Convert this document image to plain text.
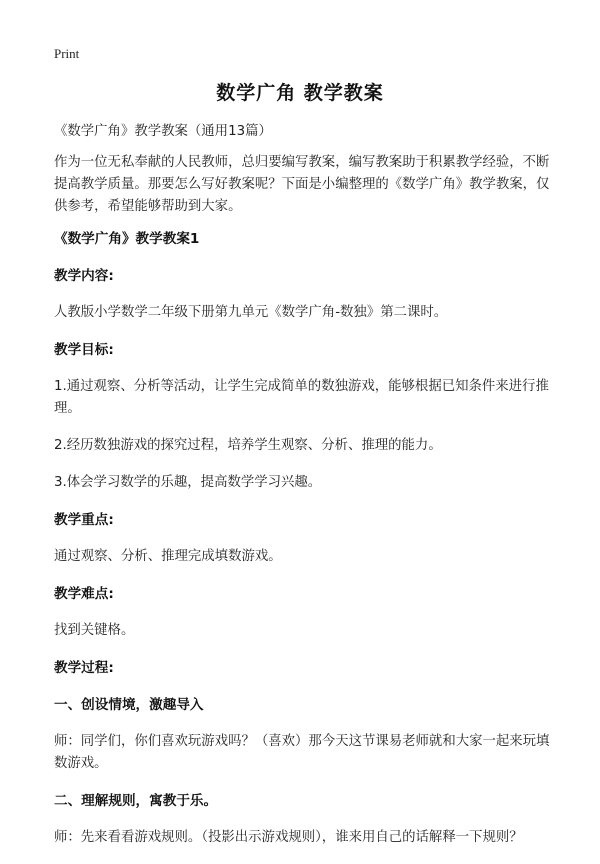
Print
数学广角 教学教案

《数学广角》教学教案（通用13篇）

作为一位无私奉献的人民教师，总归要编写教案，编写教案助于积累教学经验，不断提高教学质量。那要怎么写好教案呢？下面是小编整理的《数学广角》教学教案，仅供参考，希望能够帮助到大家。

《数学广角》教学教案1
教学内容:

人教版小学数学二年级下册第九单元《数学广角-数独》第二课时。

教学目标:

1.通过观察、分析等活动，让学生完成简单的数独游戏，能够根据已知条件来进行推理。

2.经历数独游戏的探究过程，培养学生观察、分析、推理的能力。

3.体会学习数学的乐趣，提高数学学习兴趣。

教学重点:

通过观察、分析、推理完成填数游戏。

教学难点:

找到关键格。

教学过程:
一、创设情境，激趣导入

师：同学们，你们喜欢玩游戏吗？（喜欢）那今天这节课易老师就和大家一起来玩填数游戏。

二、理解规则，寓教于乐。

师：先来看看游戏规则。（投影出示游戏规则），谁来用自己的话解释一下规则？
